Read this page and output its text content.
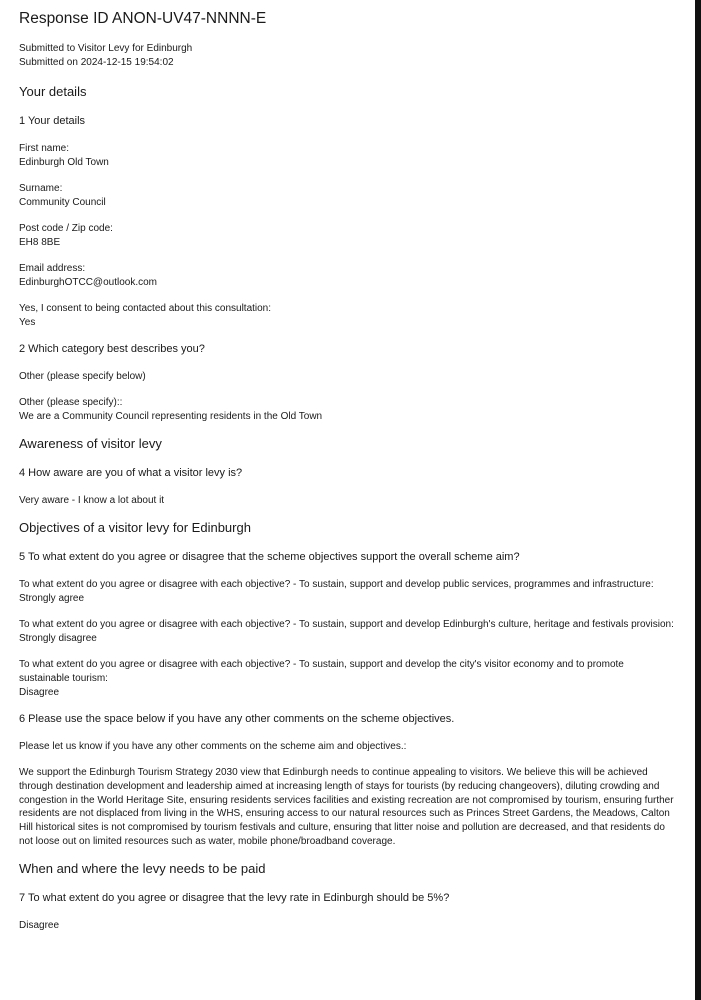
Response ID ANON-UV47-NNNN-E
Submitted to Visitor Levy for Edinburgh
Submitted on 2024-12-15 19:54:02
Your details
1 Your details
First name:
Edinburgh Old Town
Surname:
Community Council
Post code / Zip code:
EH8 8BE
Email address:
EdinburghOTCC@outlook.com
Yes, I consent to being contacted about this consultation:
Yes
2 Which category best describes you?
Other (please specify below)
Other (please specify)::
We are a Community Council representing residents in the Old Town
Awareness of visitor levy
4 How aware are you of what a visitor levy is?
Very aware - I know a lot about it
Objectives of a visitor levy for Edinburgh
5 To what extent do you agree or disagree that the scheme objectives support the overall scheme aim?
To what extent do you agree or disagree with each objective? - To sustain, support and develop public services, programmes and infrastructure:
Strongly agree
To what extent do you agree or disagree with each objective? - To sustain, support and develop Edinburgh's culture, heritage and festivals provision:
Strongly disagree
To what extent do you agree or disagree with each objective? - To sustain, support and develop the city's visitor economy and to promote sustainable tourism:
Disagree
6 Please use the space below if you have any other comments on the scheme objectives.
Please let us know if you have any other comments on the scheme aim and objectives.:
We support the Edinburgh Tourism Strategy 2030 view that Edinburgh needs to continue appealing to visitors. We believe this will be achieved through destination development and leadership aimed at increasing length of stays for tourists (by reducing changeovers), diluting crowding and congestion in the World Heritage Site, ensuring residents services facilities and existing recreation are not compromised by tourism, ensuring further residents are not displaced from living in the WHS, ensuring access to our natural resources such as Princes Street Gardens, the Meadows, Calton Hill historical sites is not compromised by tourism festivals and culture, ensuring that litter noise and pollution are decreased, and that residents do not loose out on limited resources such as water, mobile phone/broadband coverage.
When and where the levy needs to be paid
7 To what extent do you agree or disagree that the levy rate in Edinburgh should be 5%?
Disagree
